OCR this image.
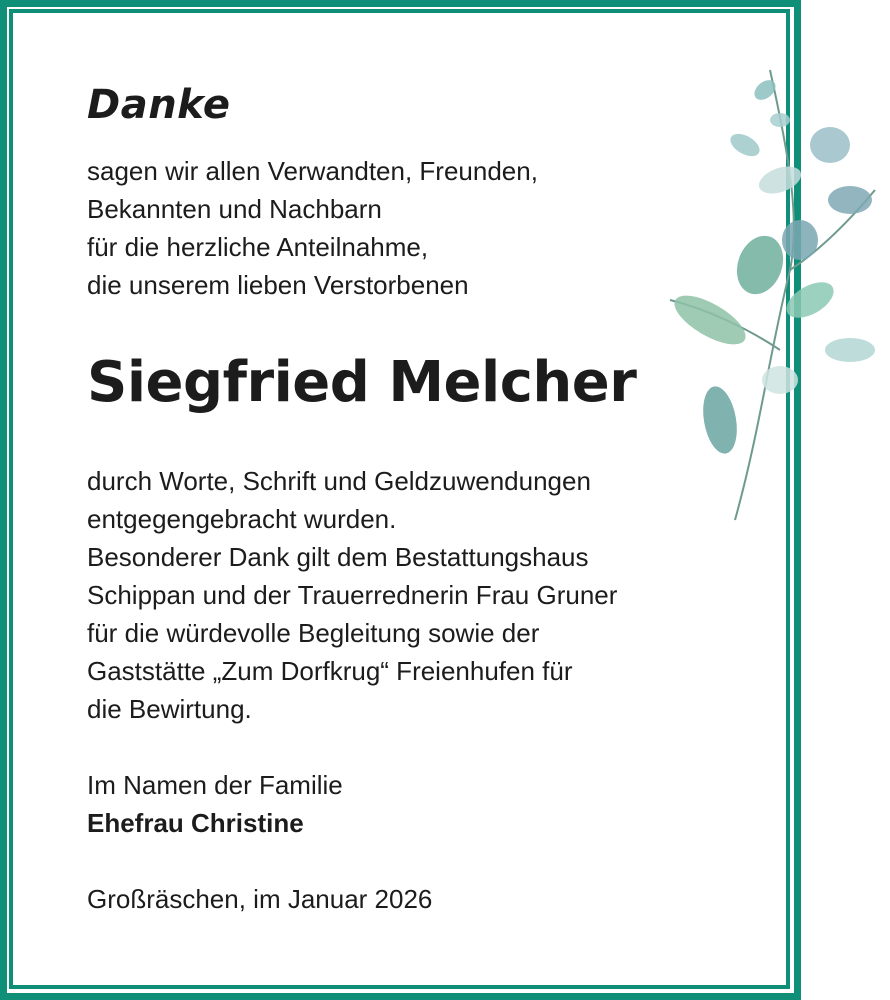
Danke
sagen wir allen Verwandten, Freunden,
Bekannten und Nachbarn
für die herzliche Anteilnahme,
die unserem lieben Verstorbenen
Siegfried Melcher
durch Worte, Schrift und Geldzuwendungen
entgegengebracht wurden.
Besonderer Dank gilt dem Bestattungshaus
Schippan und der Trauerrednerin Frau Gruner
für die würdevolle Begleitung sowie der
Gaststätte „Zum Dorfkrug“ Freienhufen für
die Bewirtung.
Im Namen der Familie
Ehefrau Christine
Großräschen, im Januar 2026
